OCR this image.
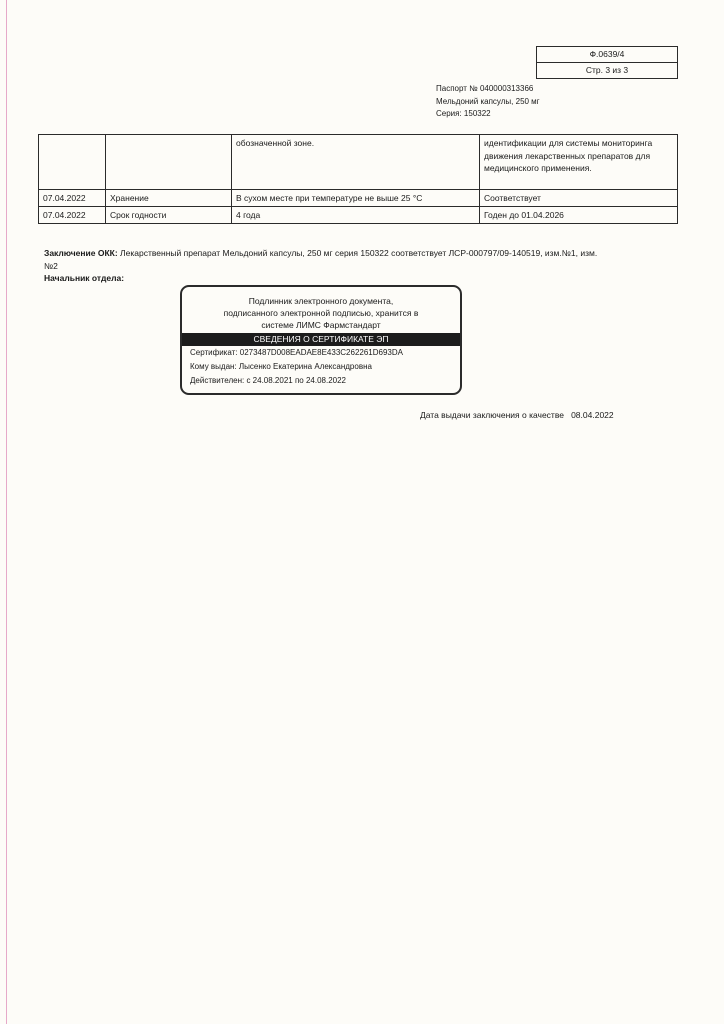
Ф.0639/4
Стр. 3 из 3
Паспорт № 040000313366
Мельдоний капсулы, 250 мг
Серия: 150322
		обозначенной зоне.	идентификации для системы мониторинга движения лекарственных препаратов для медицинского применения.
07.04.2022	Хранение	В сухом месте при температуре не выше 25 °C	Соответствует
07.04.2022	Срок годности	4 года	Годен до 01.04.2026
Заключение ОКК: Лекарственный препарат Мельдоний капсулы, 250 мг серия 150322 соответствует ЛСР-000797/09-140519, изм.№1, изм.№2
Начальник отдела:
Подлинник электронного документа,
подписанного электронной подписью, хранится в
системе ЛИМС Фармстандарт
СВЕДЕНИЯ О СЕРТИФИКАТЕ ЭП
Сертификат: 0273487D008EADAE8E433C262261D693DA
Кому выдан: Лысенко Екатерина Александровна
Действителен: с 24.08.2021 по 24.08.2022
Дата выдачи заключения о качестве 08.04.2022
